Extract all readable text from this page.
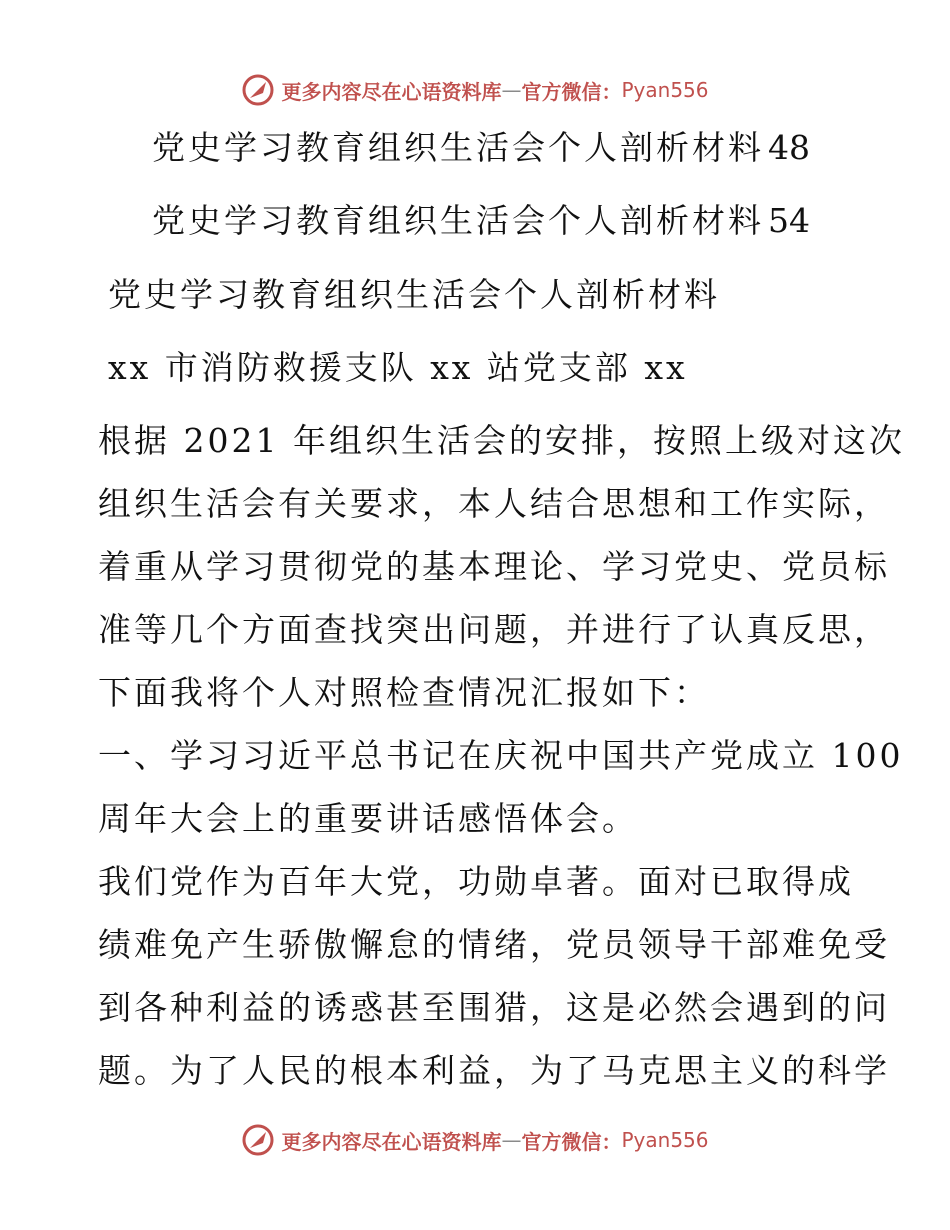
更多内容尽在心语资料库 — 官方微信： Pyan556
党史学习教育组织生活会个人剖析材料 48
党史学习教育组织生活会个人剖析材料 54
党史学习教育组织生活会个人剖析材料
xx 市消防救援支队 xx 站党支部 xx
根据 2021 年组织生活会的安排，按照上级对这次
组织生活会有关要求，本人结合思想和工作实际，
着重从学习贯彻党的基本理论、学习党史、党员标
准等几个方面查找突出问题，并进行了认真反思，
下面我将个人对照检查情况汇报如下：
一、学习习近平总书记在庆祝中国共产党成立 100
周年大会上的重要讲话感悟体会。
我们党作为百年大党，功勋卓著。面对已取得成
绩难免产生骄傲懈怠的情绪，党员领导干部难免受
到各种利益的诱惑甚至围猎，这是必然会遇到的问
更多内容尽在心语资料库 — 官方微信： Pyan556
题。为了人民的根本利益，为了马克思主义的科学
